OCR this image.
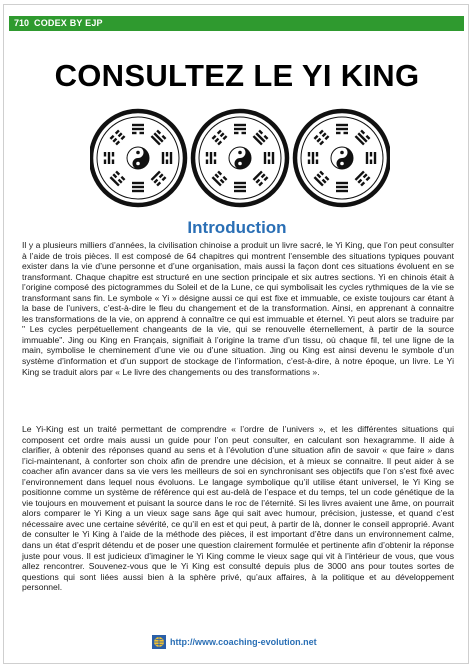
710 CODEX BY EJP
CONSULTEZ LE YI KING
Introduction
Il y a plusieurs milliers d’années, la civilisation chinoise a produit un livre sacré, le Yi King, que l’on peut consulter à l’aide de trois pièces. Il est composé de 64 chapitres qui montrent l’ensemble des situations typiques pouvant exister dans la vie d’une personne et d’une organisation, mais aussi la façon dont ces situations évoluent en se transformant. Chaque chapitre est structuré en une section principale et six autres sections. Yi en chinois était à l’origine composé des pictogrammes du Soleil et de la Lune, ce qui symbolisait les cycles rythmiques de la vie se transformant sans fin. Le symbole « Yi » désigne aussi ce qui est fixe et immuable, ce existe toujours car étant à la base de l’univers, c’est-à-dire le fleu du changement et de la transformation. Ainsi, en apprenant à connaitre les transformations de la vie, on apprend à connaître ce qui est immuable et éternel. Yi peut alors se traduire par " Les cycles perpétuellement changeants de la vie, qui se renouvelle éternellement, à partir de la source immuable". Jing ou King en Français, signifiait à l’origine la trame d’un tissu, où chaque fil, tel une ligne de la main, symbolise le cheminement d’une vie ou d’une situation. Jing ou King est ainsi devenu le symbole d’un système d’information et d’un support de stockage de l’information, c’est-à-dire, à notre époque, un livre. Le Yi King se traduit alors par « Le livre des changements ou des transformations ».
Le Yi-King est un traité permettant de comprendre « l’ordre de l’univers », et les différentes situations qui composent cet ordre mais aussi un guide pour l’on peut consulter, en calculant son hexagramme. Il aide à clarifier, à obtenir des réponses quand au sens et à l’évolution d’une situation afin de savoir « que faire » dans l’ici-maintenant, à conforter son choix afin de prendre une décision, et à mieux se connaitre. Il peut aider à se coacher afin avancer dans sa vie vers les meilleurs de soi en synchronisant ses objectifs que l’on s’est fixé avec l’environnement dans lequel nous évoluons. Le langage symbolique qu’il utilise étant universel, le Yi King se positionne comme un système de référence qui est au-delà de l’espace et du temps, tel un code génétique de la vie toujours en mouvement et puisant la source dans le roc de l’éternité. Si les livres avaient une âme, on pourrait alors comparer le Yi King a un vieux sage sans âge qui sait avec humour, précision, justesse, et quand c’est nécessaire avec une certaine sévérité, ce qu’il en est et qui peut, à partir de là, donner le conseil approprié. Avant de consulter le Yi King à l’aide de la méthode des pièces, il est important d’être dans un environnement calme, dans un état d’esprit détendu et de poser une question clairement formulée et pertinente afin d’obtenir la réponse juste pour vous. Il est judicieux d’imaginer le Yi King comme le vieux sage qui vit à l’intérieur de vous, que vous allez rencontrer. Souvenez-vous que le Yi King est consulté depuis plus de 3000 ans pour toutes sortes de questions qui sont liées aussi bien à la sphère privé, qu’aux affaires, à la politique et au développement personnel.
http://www.coaching-evolution.net
